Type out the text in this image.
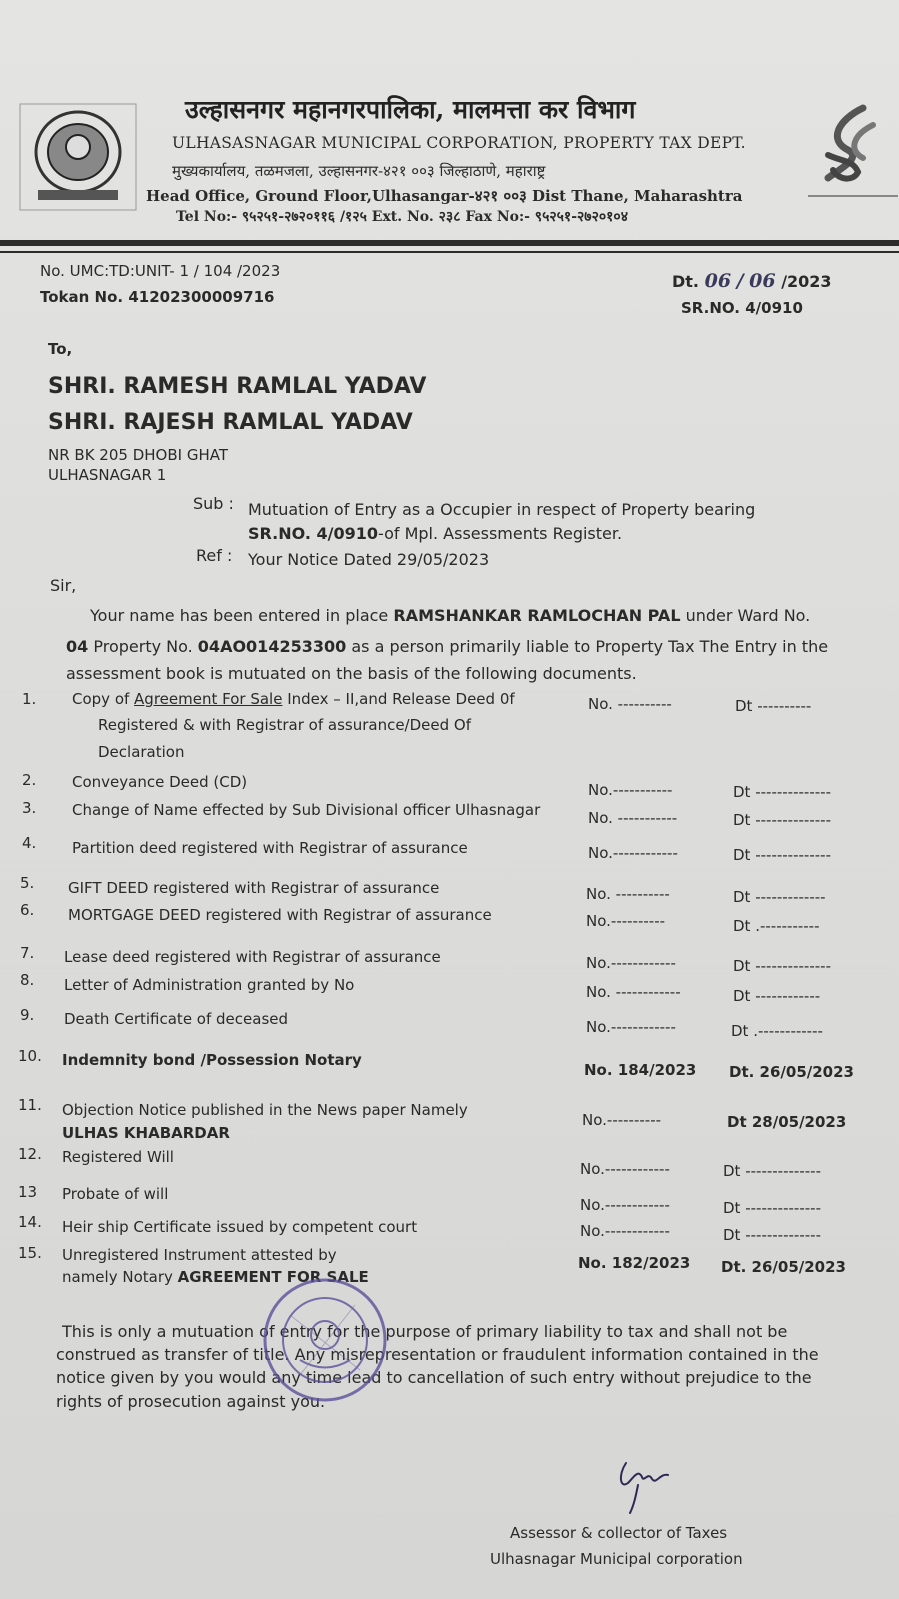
उल्हासनगर महानगरपालिका, मालमत्ता कर विभाग
ULHASASNAGAR MUNICIPAL CORPORATION, PROPERTY TAX DEPT.
मुख्यकार्यालय, तळमजला, उल्हासनगर-४२१ ००३ जिल्हाठाणे, महाराष्ट्र
Head Office, Ground Floor,Ulhasangar-४२१ ००३ Dist Thane, Maharashtra
Tel No:- ९५२५१-२७२०११६ /१२५ Ext. No. २३८ Fax No:- ९५२५१-२७२०१०४
No. UMC:TD:UNIT- 1 / 104 /2023
Tokan No. 41202300009716
Dt. 06 / 06 /2023
SR.NO. 4/0910
To,
SHRI. RAMESH RAMLAL YADAV
SHRI. RAJESH RAMLAL YADAV
NR BK 205 DHOBI GHAT
ULHASNAGAR 1
Sub : Mutuation of Entry as a Occupier in respect of Property bearing
SR.NO. 4/0910-of Mpl. Assessments Register.
Ref : Your Notice Dated 29/05/2023
Sir,
Your name has been entered in place RAMSHANKAR RAMLOCHAN PAL under Ward No.
04 Property No. 04AO014253300 as a person primarily liable to Property Tax The Entry in the
assessment book is mutuated on the basis of the following documents.
1. Copy of Agreement For Sale Index – II,and Release Deed 0f
Registered & with Registrar of assurance/Deed Of
Declaration
No. ----------	Dt ----------
2. Conveyance Deed (CD)	No.-----------	Dt --------------
3. Change of Name effected by Sub Divisional officer Ulhasnagar	No. -----------	Dt --------------
4. Partition deed registered with Registrar of assurance	No.------------	Dt --------------
5. GIFT DEED registered with Registrar of assurance	No. ----------	Dt -------------
6. MORTGAGE DEED registered with Registrar of assurance	No.----------	Dt .-----------
7. Lease deed registered with Registrar of assurance	No.------------	Dt --------------
8. Letter of Administration granted by No	No. ------------	Dt ------------
9. Death Certificate of deceased	No.------------	Dt .------------
10. Indemnity bond /Possession Notary
No. 184/2023 Dt. 26/05/2023
11. Objection Notice published in the News paper Namely
ULHAS KHABARDAR
No.----------	Dt 28/05/2023
12. Registered Will
No.------------	Dt --------------
13 Probate of will
No.------------	Dt --------------
14. Heir ship Certificate issued by competent court	No.------------	Dt --------------
15. Unregistered Instrument attested by
namely Notary AGREEMENT FOR SALE
No. 182/2023 Dt. 26/05/2023
This is only a mutuation of entry for the purpose of primary liability to tax and shall not be
construed as transfer of title. Any misrepresentation or fraudulent information contained in the
notice given by you would any time lead to cancellation of such entry without prejudice to the
rights of prosecution against you.
Assessor & collector of Taxes
Ulhasnagar Municipal corporation
